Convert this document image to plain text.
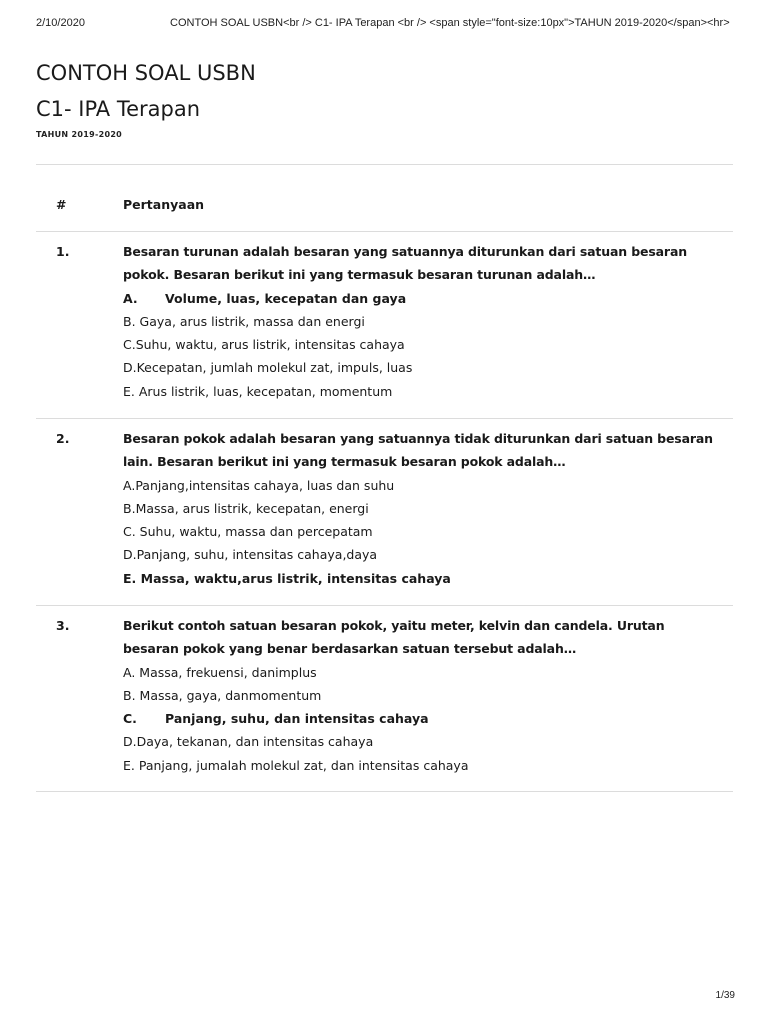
2/10/2020	CONTOH SOAL USBN<br /> C1- IPA Terapan <br /> <span style="font-size:10px">TAHUN 2019-2020</span><hr>
CONTOH SOAL USBN
C1- IPA Terapan
TAHUN 2019-2020
#	Pertanyaan
1.	Besaran turunan adalah besaran yang satuannya diturunkan dari satuan besaran pokok. Besaran berikut ini yang termasuk besaran turunan adalah…
A. Volume, luas, kecepatan dan gaya
B. Gaya, arus listrik, massa dan energi
C.Suhu, waktu, arus listrik, intensitas cahaya
D.Kecepatan, jumlah molekul zat, impuls, luas
E. Arus listrik, luas, kecepatan, momentum
2.	Besaran pokok adalah besaran yang satuannya tidak diturunkan dari satuan besaran lain. Besaran berikut ini yang termasuk besaran pokok adalah…
A.Panjang,intensitas cahaya, luas dan suhu
B.Massa, arus listrik, kecepatan, energi
C. Suhu, waktu, massa dan percepatam
D.Panjang, suhu, intensitas cahaya,daya
E. Massa, waktu,arus listrik, intensitas cahaya
3.	Berikut contoh satuan besaran pokok, yaitu meter, kelvin dan candela. Urutan besaran pokok yang benar berdasarkan satuan tersebut adalah…
A. Massa, frekuensi, danimplus
B. Massa, gaya, danmomentum
C. Panjang, suhu, dan intensitas cahaya
D.Daya, tekanan, dan intensitas cahaya
E. Panjang, jumalah molekul zat, dan intensitas cahaya
1/39
